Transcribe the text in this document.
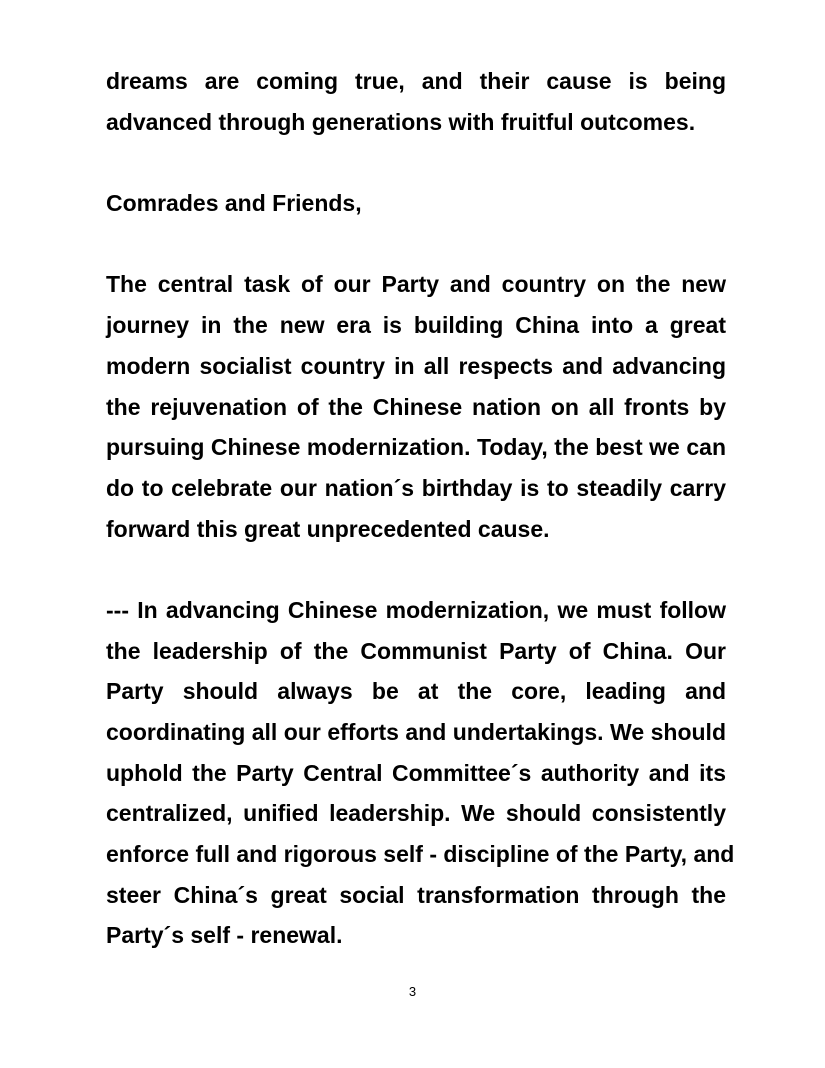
dreams are coming true, and their cause is being
advanced through generations with fruitful outcomes.
Comrades and Friends,
The central task of our Party and country on the new
journey in the new era is building China into a great
modern socialist country in all respects and advancing
the rejuvenation of the Chinese nation on all fronts by
pursuing Chinese modernization. Today, the best we can
do to celebrate our nation´s birthday is to steadily carry
forward this great unprecedented cause.
--- In advancing Chinese modernization, we must follow
the leadership of the Communist Party of China. Our
Party should always be at the core, leading and
coordinating all our efforts and undertakings. We should
uphold the Party Central Committee´s authority and its
centralized, unified leadership. We should consistently
enforce full and rigorous self - discipline of the Party, and
steer China´s great social transformation through the
Party´s self - renewal.
3
